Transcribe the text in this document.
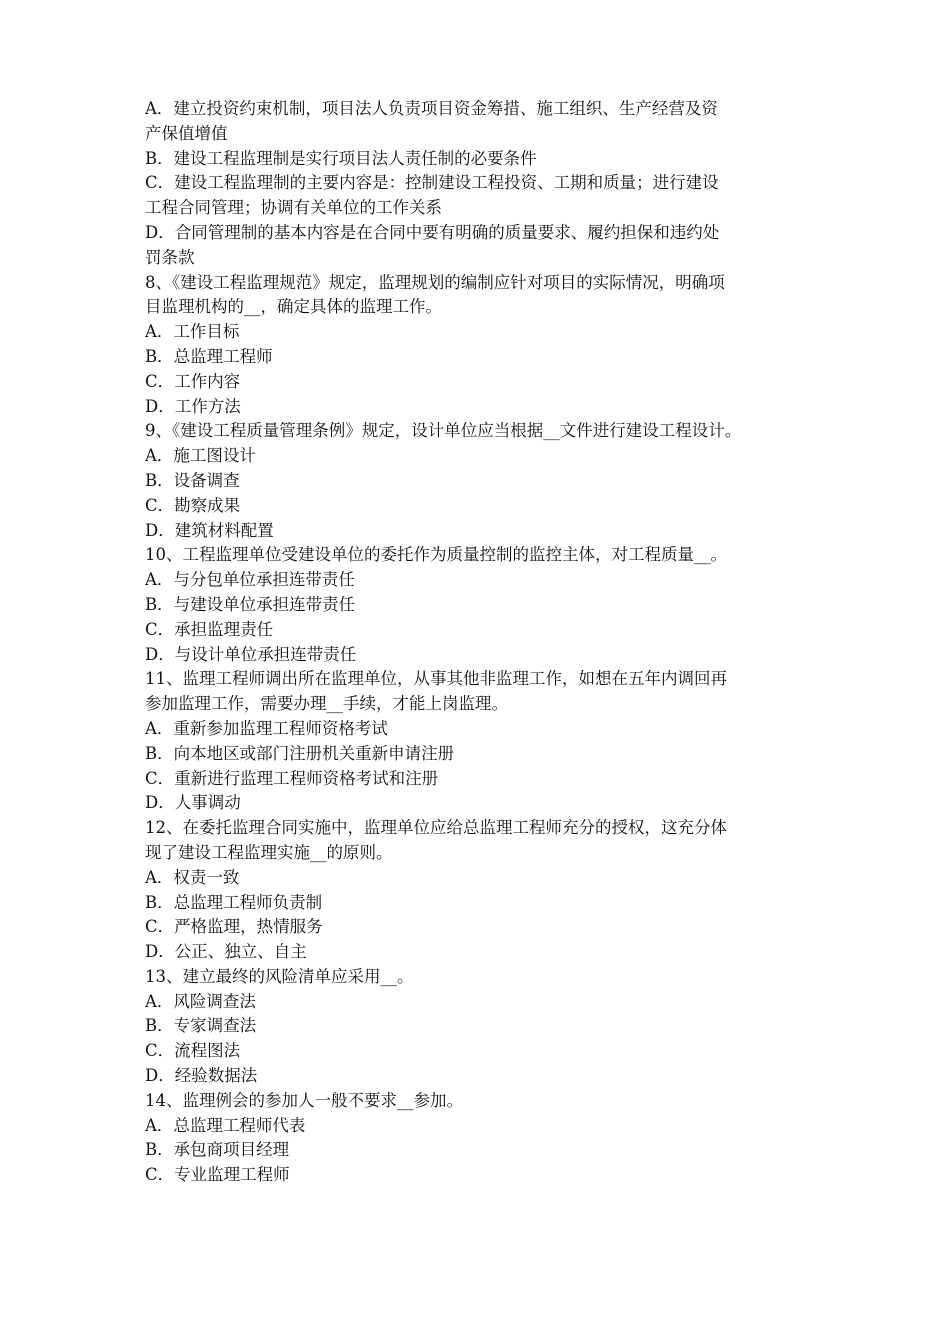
A．建立投资约束机制，项目法人负责项目资金筹措、施工组织、生产经营及资
产保值增值
B．建设工程监理制是实行项目法人责任制的必要条件
C．建设工程监理制的主要内容是：控制建设工程投资、工期和质量；进行建设
工程合同管理；协调有关单位的工作关系
D．合同管理制的基本内容是在合同中要有明确的质量要求、履约担保和违约处
罚条款
8、《建设工程监理规范》规定，监理规划的编制应针对项目的实际情况，明确项
目监理机构的__，确定具体的监理工作。
A．工作目标
B．总监理工程师
C．工作内容
D．工作方法
9、《建设工程质量管理条例》规定，设计单位应当根据__文件进行建设工程设计。
A．施工图设计
B．设备调查
C．勘察成果
D．建筑材料配置
10、工程监理单位受建设单位的委托作为质量控制的监控主体，对工程质量__。
A．与分包单位承担连带责任
B．与建设单位承担连带责任
C．承担监理责任
D．与设计单位承担连带责任
11、监理工程师调出所在监理单位，从事其他非监理工作，如想在五年内调回再
参加监理工作，需要办理__手续，才能上岗监理。
A．重新参加监理工程师资格考试
B．向本地区或部门注册机关重新申请注册
C．重新进行监理工程师资格考试和注册
D．人事调动
12、在委托监理合同实施中，监理单位应给总监理工程师充分的授权，这充分体
现了建设工程监理实施__的原则。
A．权责一致
B．总监理工程师负责制
C．严格监理，热情服务
D．公正、独立、自主
13、建立最终的风险清单应采用__。
A．风险调查法
B．专家调查法
C．流程图法
D．经验数据法
14、监理例会的参加人一般不要求__参加。
A．总监理工程师代表
B．承包商项目经理
C．专业监理工程师
